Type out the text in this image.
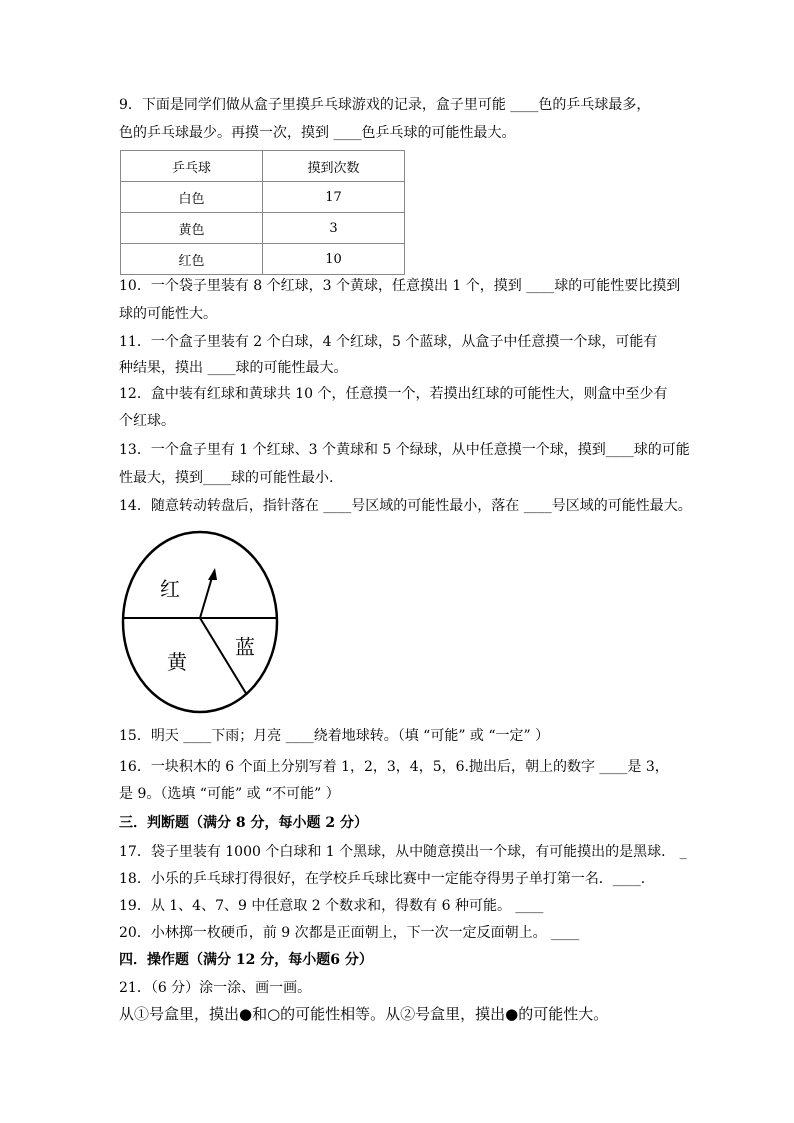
9．下面是同学们做从盒子里摸乒乓球游戏的记录，盒子里可能 ____色的乒乓球最多，
色的乒乓球最少。再摸一次，摸到 ____色乒乓球的可能性最大。
乒乓球	摸到次数
白色	17
黄色	3
红色	10
10．一个袋子里装有 8 个红球，3 个黄球，任意摸出 1 个，摸到 ____球的可能性要比摸到
球的可能性大。
11．一个盒子里装有 2 个白球，4 个红球，5 个蓝球，从盒子中任意摸一个球，可能有
种结果，摸出 ____球的可能性最大。
12．盒中装有红球和黄球共 10 个，任意摸一个，若摸出红球的可能性大，则盒中至少有
个红球。
13．一个盒子里有 1 个红球、3 个黄球和 5 个绿球，从中任意摸一个球，摸到____球的可能
性最大，摸到____球的可能性最小.
14．随意转动转盘后，指针落在 ____号区域的可能性最小，落在 ____号区域的可能性最大。
红
黄
蓝
15．明天 ____下雨；月亮 ____绕着地球转。（填 “可能” 或 “一定” ）
16．一块积木的 6 个面上分别写着 1，2，3，4，5，6.抛出后，朝上的数字 ____是 3，
是 9。（选填 “可能” 或 “不可能” ）
三．判断题（满分 8 分，每小题 2 分）
17．袋子里装有 1000 个白球和 1 个黑球，从中随意摸出一个球，有可能摸出的是黑球． _
18．小乐的乒乓球打得很好，在学校乒乓球比赛中一定能夺得男子单打第一名．____.
19．从 1、4、7、9 中任意取 2 个数求和，得数有 6 种可能。 ____
20．小林掷一枚硬币，前 9 次都是正面朝上，下一次一定反面朝上。 ____
四．操作题（满分 12 分，每小题6 分）
21．（6 分）涂一涂、画一画。
从①号盒里，摸出●和○的可能性相等。从②号盒里，摸出●的可能性大。
